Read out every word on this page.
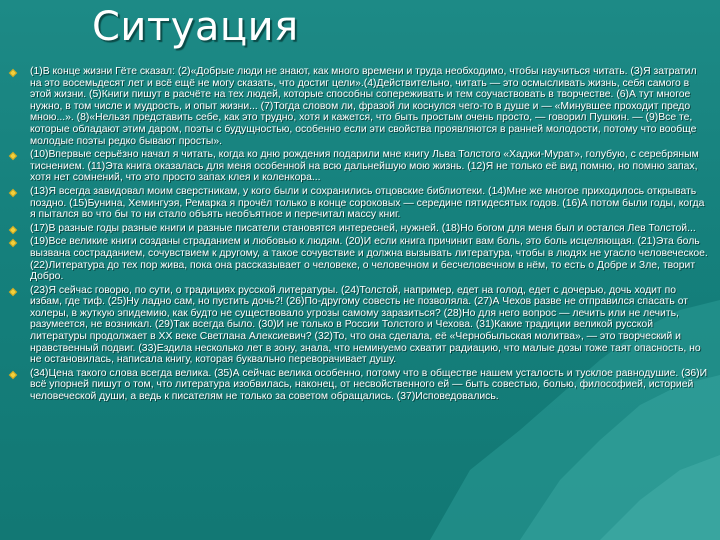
Ситуация
(1)В конце жизни Гёте сказал: (2)«Добрые люди не знают, как много времени и труда необходимо, чтобы научиться читать. (3)Я затратил на это восемьдесят лет и всё ещё не могу сказать, что достиг цели».(4)Действительно, читать — это осмысливать жизнь, себя самого в этой жизни. (5)Книги пишут в расчёте на тех людей, которые способны сопереживать и тем соучаствовать в творчестве. (6)А тут многое нужно, в том числе и мудрость, и опыт жизни... (7)Тогда словом ли, фразой ли коснулся чего-то в душе и — «Минувшее проходит предо мною...». (8)«Нельзя представить себе, как это трудно, хотя и кажется, что быть простым очень просто, — говорил Пушкин. — (9)Все те, которые обладают этим даром, поэты с будущностью, особенно если эти свойства проявляются в ранней молодости, потому что вообще молодые поэты редко бывают просты».
(10)Впервые серьёзно начал я читать, когда ко дню рождения подарили мне книгу Льва Толстого «Хаджи-Мурат», голубую, с серебряным тиснением. (11)Эта книга оказалась для меня особенной на всю дальнейшую мою жизнь. (12)Я не только её вид помню, но помню запах, хотя нет сомнений, что это просто запах клея и коленкора...
(13)Я всегда завидовал моим сверстникам, у кого были и сохранились отцовские библиотеки. (14)Мне же многое приходилось открывать поздно. (15)Бунина, Хемингуэя, Ремарка я прочёл только в конце сороковых — середине пятидесятых годов. (16)А потом были годы, когда я пытался во что бы то ни стало объять необъятное и перечитал массу книг.
(17)В разные годы разные книги и разные писатели становятся интересней, нужней. (18)Но богом для меня был и остался Лев Толстой...
(19)Все великие книги созданы страданием и любовью к людям. (20)И если книга причинит вам боль, это боль исцеляющая. (21)Эта боль вызвана состраданием, сочувствием к другому, а такое сочувствие и должна вызывать литература, чтобы в людях не угасло человеческое. (22)Литература до тех пор жива, пока она рассказывает о человеке, о человечном и бесчеловечном в нём, то есть о Добре и Зле, творит Добро.
(23)Я сейчас говорю, по сути, о традициях русской литературы. (24)Толстой, например, едет на голод, едет с дочерью, дочь ходит по избам, где тиф. (25)Ну ладно сам, но пустить дочь?! (26)По-другому совесть не позволяла. (27)А Чехов разве не отправился спасать от холеры, в жуткую эпидемию, как будто не существовало угрозы самому заразиться? (28)Но для него вопрос — лечить или не лечить, разумеется, не возникал. (29)Так всегда было. (30)И не только в России Толстого и Чехова. (31)Какие традиции великой русской литературы продолжает в XX веке Светлана Алексиевич? (32)То, что она сделала, её «Чернобыльская молитва», — это творческий и нравственный подвиг. (33)Ездила несколько лет в зону, знала, что неминуемо схватит радиацию, что малые дозы тоже таят опасность, но не остановилась, написала книгу, которая буквально переворачивает душу.
(34)Цена такого слова всегда велика. (35)А сейчас велика особенно, потому что в обществе нашем усталость и тусклое равнодушие. (36)И всё упорней пишут о том, что литература изобвилась, наконец, от несвойственного ей — быть совестью, болью, философией, историей человеческой души, а ведь к писателям не только за советом обращались. (37)Исповедовались.
